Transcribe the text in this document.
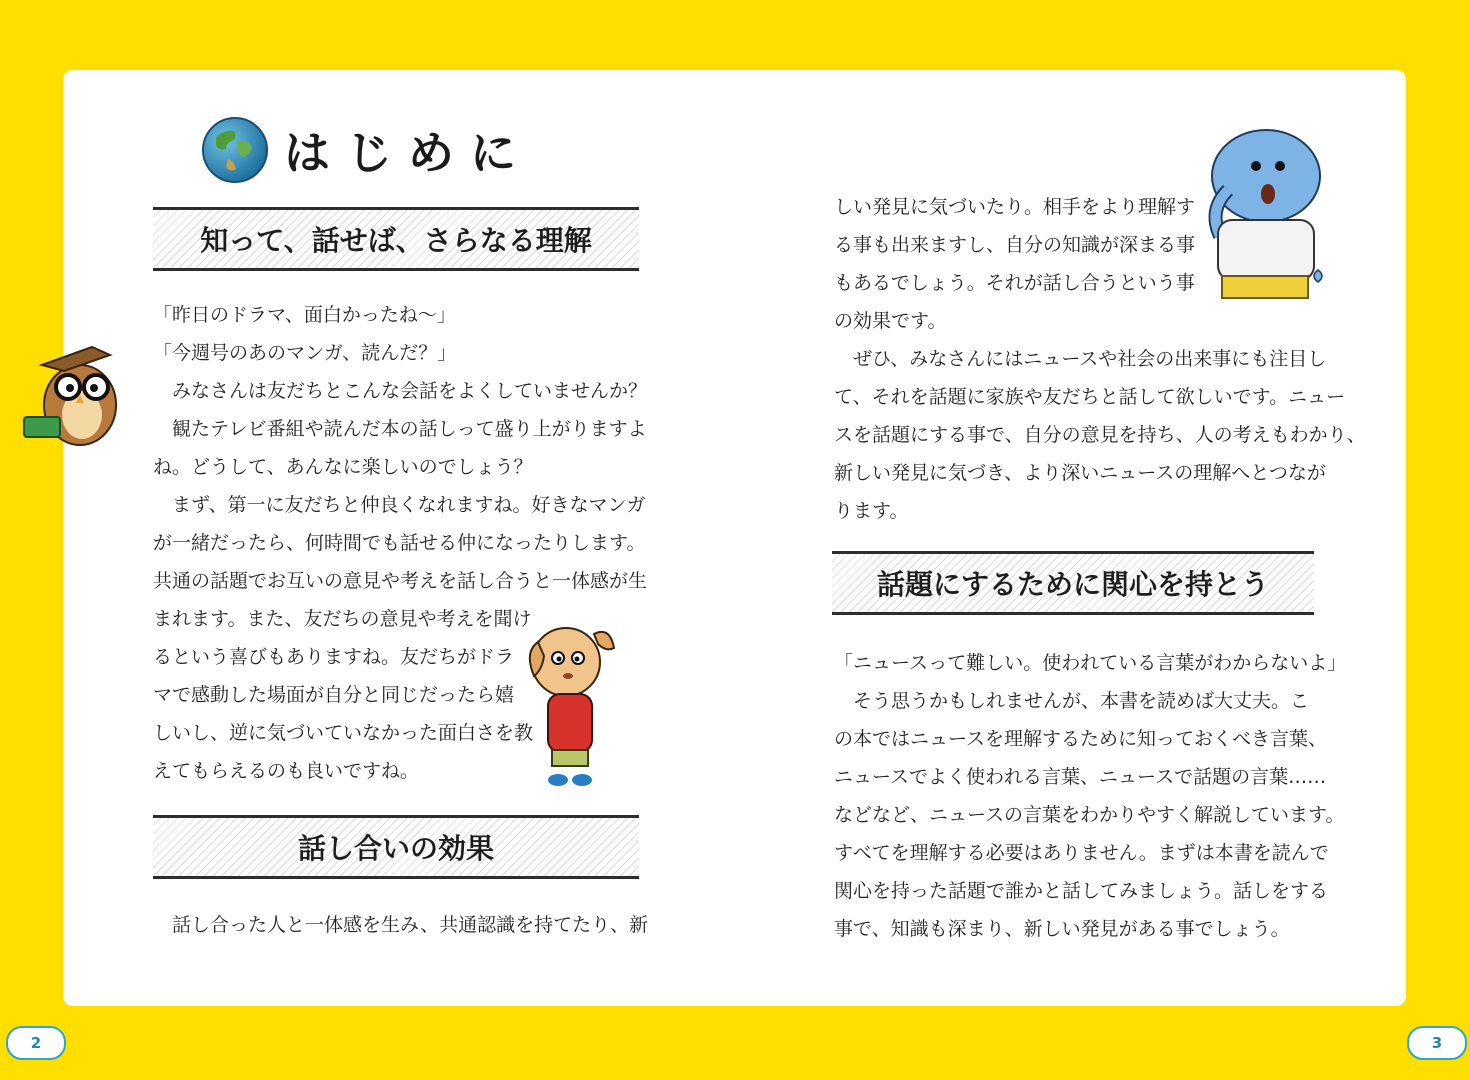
はじめに
知って、話せば、さらなる理解

「昨日のドラマ、面白かったね〜」

「今週号のあのマンガ、読んだ？」

　みなさんは友だちとこんな会話をよくしていませんか？

　観たテレビ番組や読んだ本の話しって盛り上がりますよ

ね。どうして、あんなに楽しいのでしょう？

　まず、第一に友だちと仲良くなれますね。好きなマンガ

が一緒だったら、何時間でも話せる仲になったりします。

共通の話題でお互いの意見や考えを話し合うと一体感が生

まれます。また、友だちの意見や考えを聞け

るという喜びもありますね。友だちがドラ

マで感動した場面が自分と同じだったら嬉

しいし、逆に気づいていなかった面白さを教

えてもらえるのも良いですね。

話し合いの効果

　話し合った人と一体感を生み、共通認識を持てたり、新

しい発見に気づいたり。相手をより理解す

る事も出来ますし、自分の知識が深まる事

もあるでしょう。それが話し合うという事

の効果です。

　ぜひ、みなさんにはニュースや社会の出来事にも注目し

て、それを話題に家族や友だちと話して欲しいです。ニュー

スを話題にする事で、自分の意見を持ち、人の考えもわかり、

新しい発見に気づき、より深いニュースの理解へとつなが

ります。

話題にするために関心を持とう

「ニュースって難しい。使われている言葉がわからないよ」

　そう思うかもしれませんが、本書を読めば大丈夫。こ

の本ではニュースを理解するために知っておくべき言葉、

ニュースでよく使われる言葉、ニュースで話題の言葉……

などなど、ニュースの言葉をわかりやすく解説しています。

すべてを理解する必要はありません。まずは本書を読んで

関心を持った話題で誰かと話してみましょう。話しをする

事で、知識も深まり、新しい発見がある事でしょう。

2	3
